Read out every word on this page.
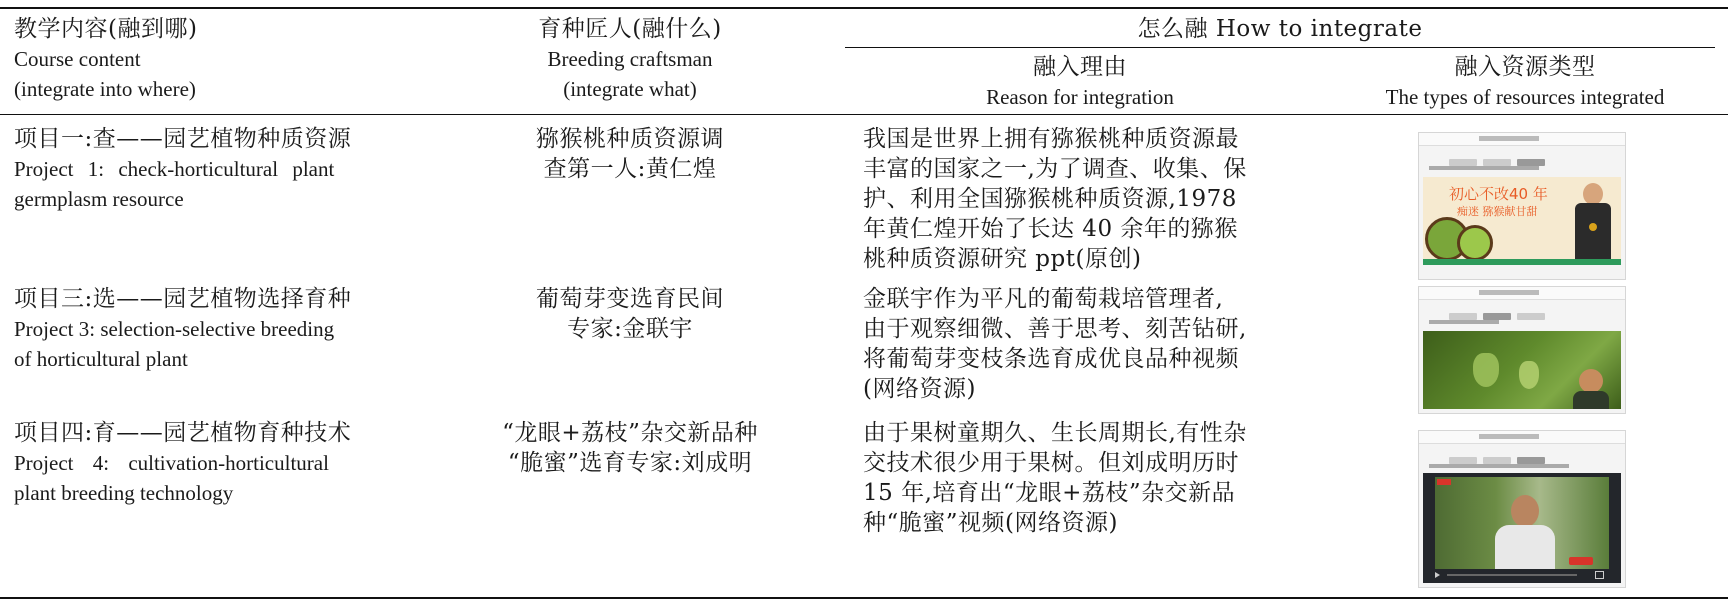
教学内容(融到哪)
Course content
(integrate into where)
育种匠人(融什么)
Breeding craftsman
(integrate what)
怎么融 How to integrate
融入理由
Reason for integration
融入资源类型
The types of resources integrated
项目一:查——园艺植物种质资源
Project 1: check-horticultural plant
germplasm resource
猕猴桃种质资源调
查第一人:黄仁煌
我国是世界上拥有猕猴桃种质资源最
丰富的国家之一,为了调查、收集、保
护、利用全国猕猴桃种质资源,1978
年黄仁煌开始了长达 40 余年的猕猴
桃种质资源研究 ppt(原创)
初心不改40 年
痴迷 猕猴献甘甜
项目三:选——园艺植物选择育种
Project 3: selection-selective breeding
of horticultural plant
葡萄芽变选育民间
专家:金联宇
金联宇作为平凡的葡萄栽培管理者,
由于观察细微、善于思考、刻苦钻研,
将葡萄芽变枝条选育成优良品种视频
(网络资源)
项目四:育——园艺植物育种技术
Project 4: cultivation-horticultural
plant breeding technology
“龙眼+荔枝”杂交新品种
“脆蜜”选育专家:刘成明
由于果树童期久、生长周期长,有性杂
交技术很少用于果树。但刘成明历时
15 年,培育出“龙眼+荔枝”杂交新品
种“脆蜜”视频(网络资源)
